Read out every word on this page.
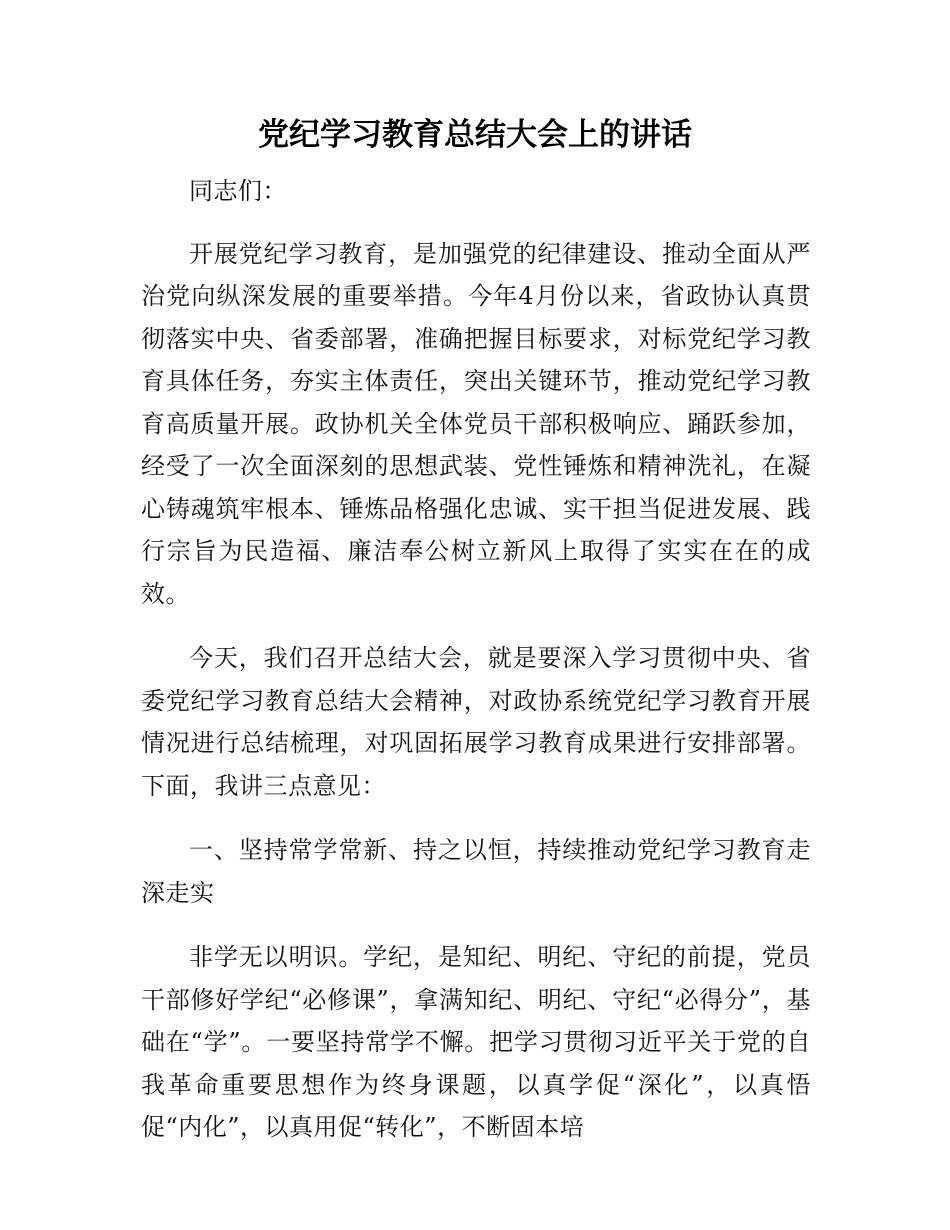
党纪学习教育总结大会上的讲话

同志们：

开展党纪学习教育，是加强党的纪律建设、推动全面从严治党向纵深发展的重要举措。今年4月份以来，省政协认真贯彻落实中央、省委部署，准确把握目标要求，对标党纪学习教育具体任务，夯实主体责任，突出关键环节，推动党纪学习教育高质量开展。政协机关全体党员干部积极响应、踊跃参加，经受了一次全面深刻的思想武装、党性锤炼和精神洗礼，在凝心铸魂筑牢根本、锤炼品格强化忠诚、实干担当促进发展、践行宗旨为民造福、廉洁奉公树立新风上取得了实实在在的成效。

今天，我们召开总结大会，就是要深入学习贯彻中央、省委党纪学习教育总结大会精神，对政协系统党纪学习教育开展情况进行总结梳理，对巩固拓展学习教育成果进行安排部署。下面，我讲三点意见：

一、坚持常学常新、持之以恒，持续推动党纪学习教育走深走实

非学无以明识。学纪，是知纪、明纪、守纪的前提，党员干部修好学纪“必修课”，拿满知纪、明纪、守纪“必得分”，基础在“学”。一要坚持常学不懈。把学习贯彻习近平关于党的自我革命重要思想作为终身课题，以真学促“深化”，以真悟促“内化”，以真用促“转化”，不断固本培
